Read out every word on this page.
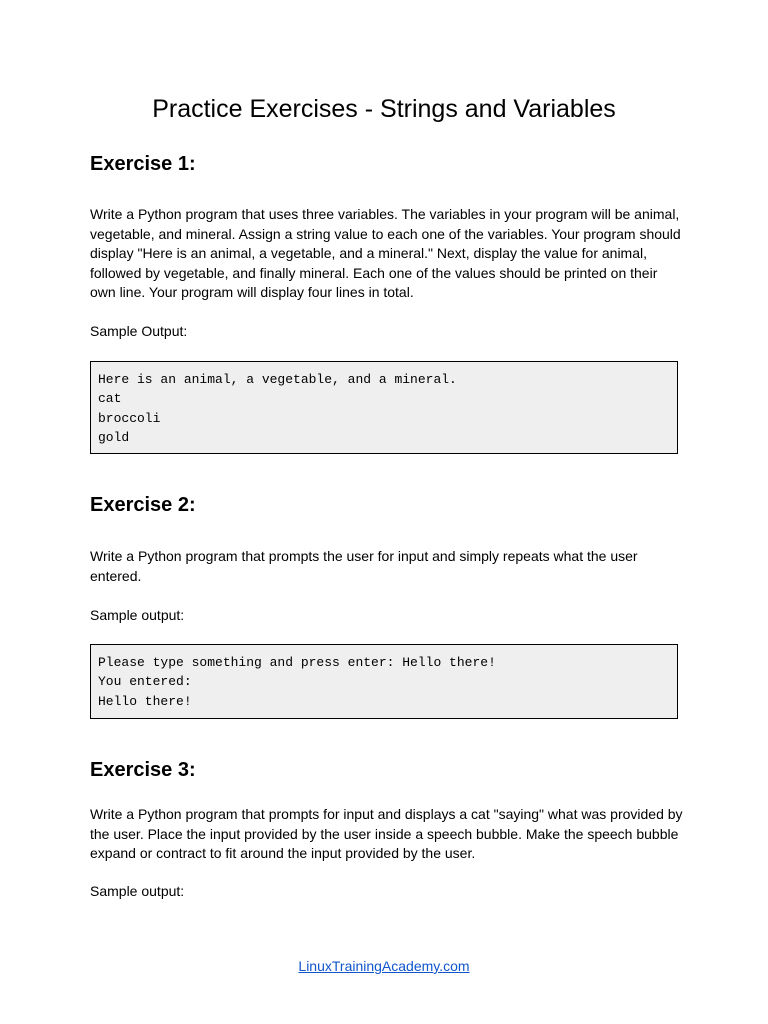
Practice Exercises - Strings and Variables
Exercise 1:

Write a Python program that uses three variables. The variables in your program will be animal,
vegetable, and mineral. Assign a string value to each one of the variables. Your program should
display "Here is an animal, a vegetable, and a mineral." Next, display the value for animal,
followed by vegetable, and finally mineral. Each one of the values should be printed on their
own line. Your program will display four lines in total.

Sample Output:

Here is an animal, a vegetable, and a mineral.
cat
broccoli
gold
Exercise 2:

Write a Python program that prompts the user for input and simply repeats what the user
entered.

Sample output:

Please type something and press enter: Hello there!
You entered:
Hello there!
Exercise 3:

Write a Python program that prompts for input and displays a cat "saying" what was provided by
the user. Place the input provided by the user inside a speech bubble. Make the speech bubble
expand or contract to fit around the input provided by the user.

Sample output:

LinuxTrainingAcademy.com
